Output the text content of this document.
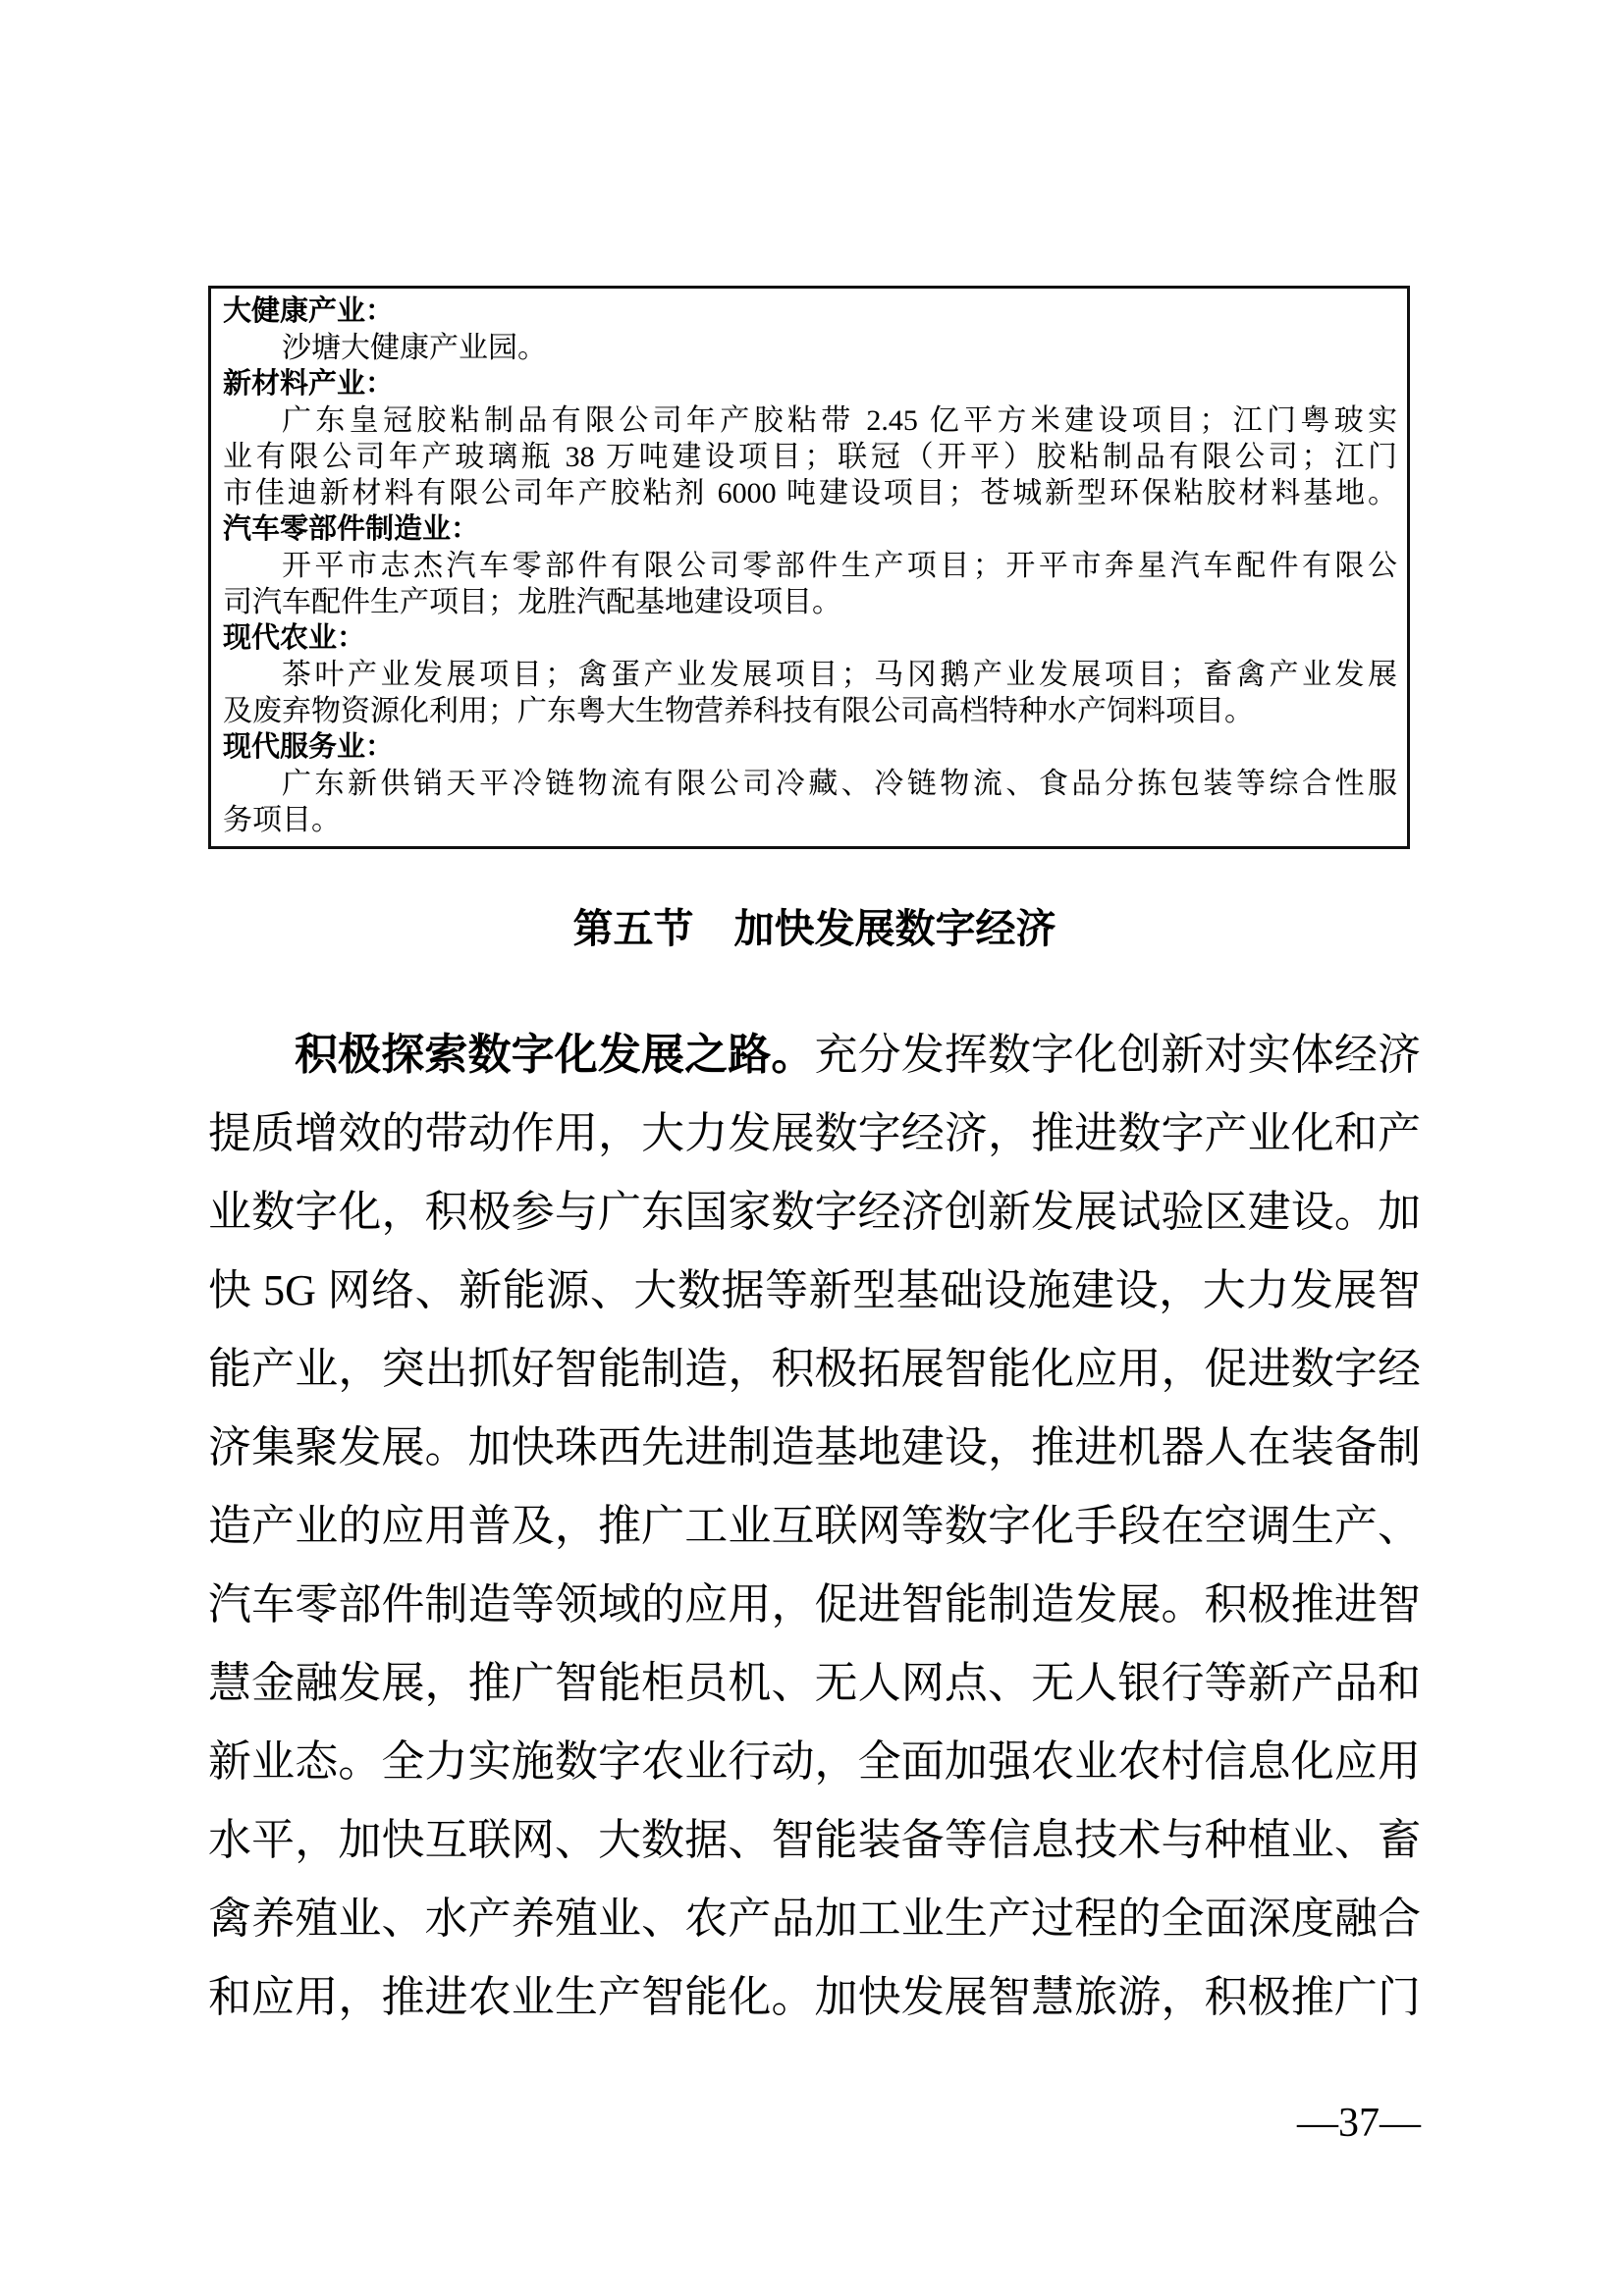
大健康产业：
沙塘大健康产业园。
新材料产业：
广东皇冠胶粘制品有限公司年产胶粘带 2.45 亿平方米建设项目；江门粤玻实
业有限公司年产玻璃瓶 38 万吨建设项目；联冠（开平）胶粘制品有限公司；江门
市佳迪新材料有限公司年产胶粘剂 6000 吨建设项目；苍城新型环保粘胶材料基地。
汽车零部件制造业：
开平市志杰汽车零部件有限公司零部件生产项目；开平市奔星汽车配件有限公
司汽车配件生产项目；龙胜汽配基地建设项目。
现代农业：
茶叶产业发展项目；禽蛋产业发展项目；马冈鹅产业发展项目；畜禽产业发展
及废弃物资源化利用；广东粤大生物营养科技有限公司高档特种水产饲料项目。
现代服务业：
广东新供销天平冷链物流有限公司冷藏、冷链物流、食品分拣包装等综合性服
务项目。
第五节　加快发展数字经济
积极探索数字化发展之路。充分发挥数字化创新对实体经济
提质增效的带动作用，大力发展数字经济，推进数字产业化和产
业数字化，积极参与广东国家数字经济创新发展试验区建设。加
快 5G 网络、新能源、大数据等新型基础设施建设，大力发展智
能产业，突出抓好智能制造，积极拓展智能化应用，促进数字经
济集聚发展。加快珠西先进制造基地建设，推进机器人在装备制
造产业的应用普及，推广工业互联网等数字化手段在空调生产、
汽车零部件制造等领域的应用，促进智能制造发展。积极推进智
慧金融发展，推广智能柜员机、无人网点、无人银行等新产品和
新业态。全力实施数字农业行动，全面加强农业农村信息化应用
水平，加快互联网、大数据、智能装备等信息技术与种植业、畜
禽养殖业、水产养殖业、农产品加工业生产过程的全面深度融合
和应用，推进农业生产智能化。加快发展智慧旅游，积极推广门
—37—
